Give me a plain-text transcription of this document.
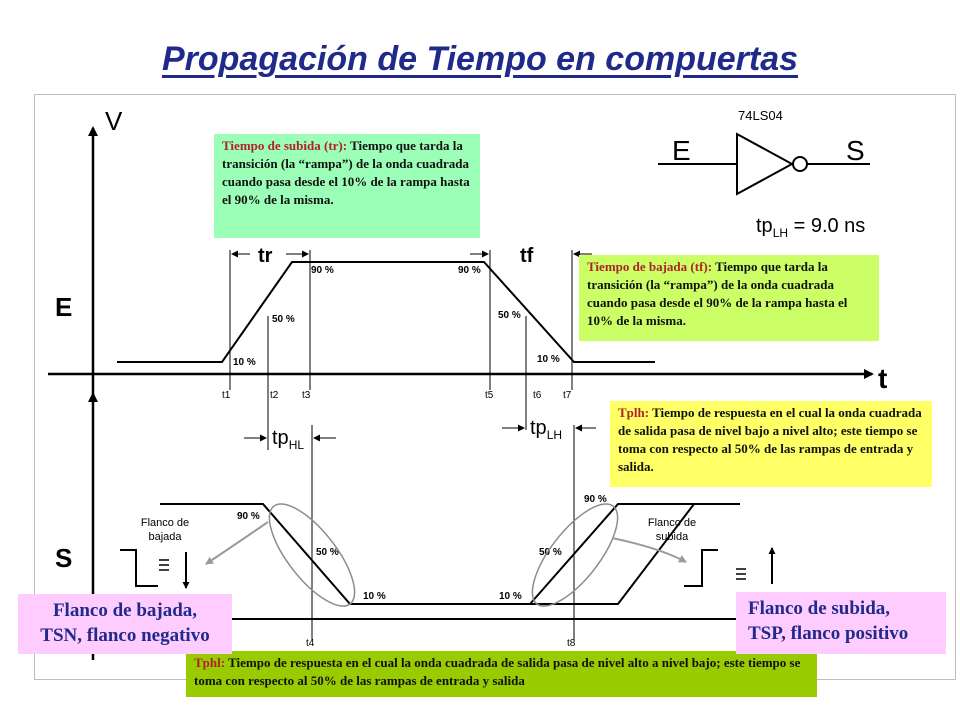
Propagación de Tiempo en compuertas
V
t
E
S
t1	t2 t3	t5	t6 t7
t4	t8
10 %
50 %
90 %	90 %
50 %
10 %
90 %
50 %
10 %	10 %
50 %
90 %
tr	tf
$tp_{HL}$
$tp_{LH}$
Flanco de
bajada
Flanco de
subida
74LS04
E	S
$tp_{LH} = 9.0$ ns
Tiempo de subida (tr): Tiempo que tarda la transición (la “rampa”) de la onda cuadrada cuando pasa desde el 10% de la rampa hasta el 90% de la misma.
Tiempo de bajada (tf): Tiempo que tarda la transición (la “rampa”) de la onda cuadrada cuando pasa desde el 90% de la rampa hasta el 10% de la misma.
Tplh: Tiempo de respuesta en el cual la onda cuadrada de salida pasa de nivel bajo a nivel alto; este tiempo se toma con respecto al 50% de las rampas de entrada y salida.
Tphl: Tiempo de respuesta en el cual la onda cuadrada de salida pasa de nivel alto a nivel bajo; este tiempo se toma con respecto al 50% de las rampas de entrada y salida
Flanco de bajada,
TSN, flanco negativo
Flanco de subida,
TSP, flanco positivo
